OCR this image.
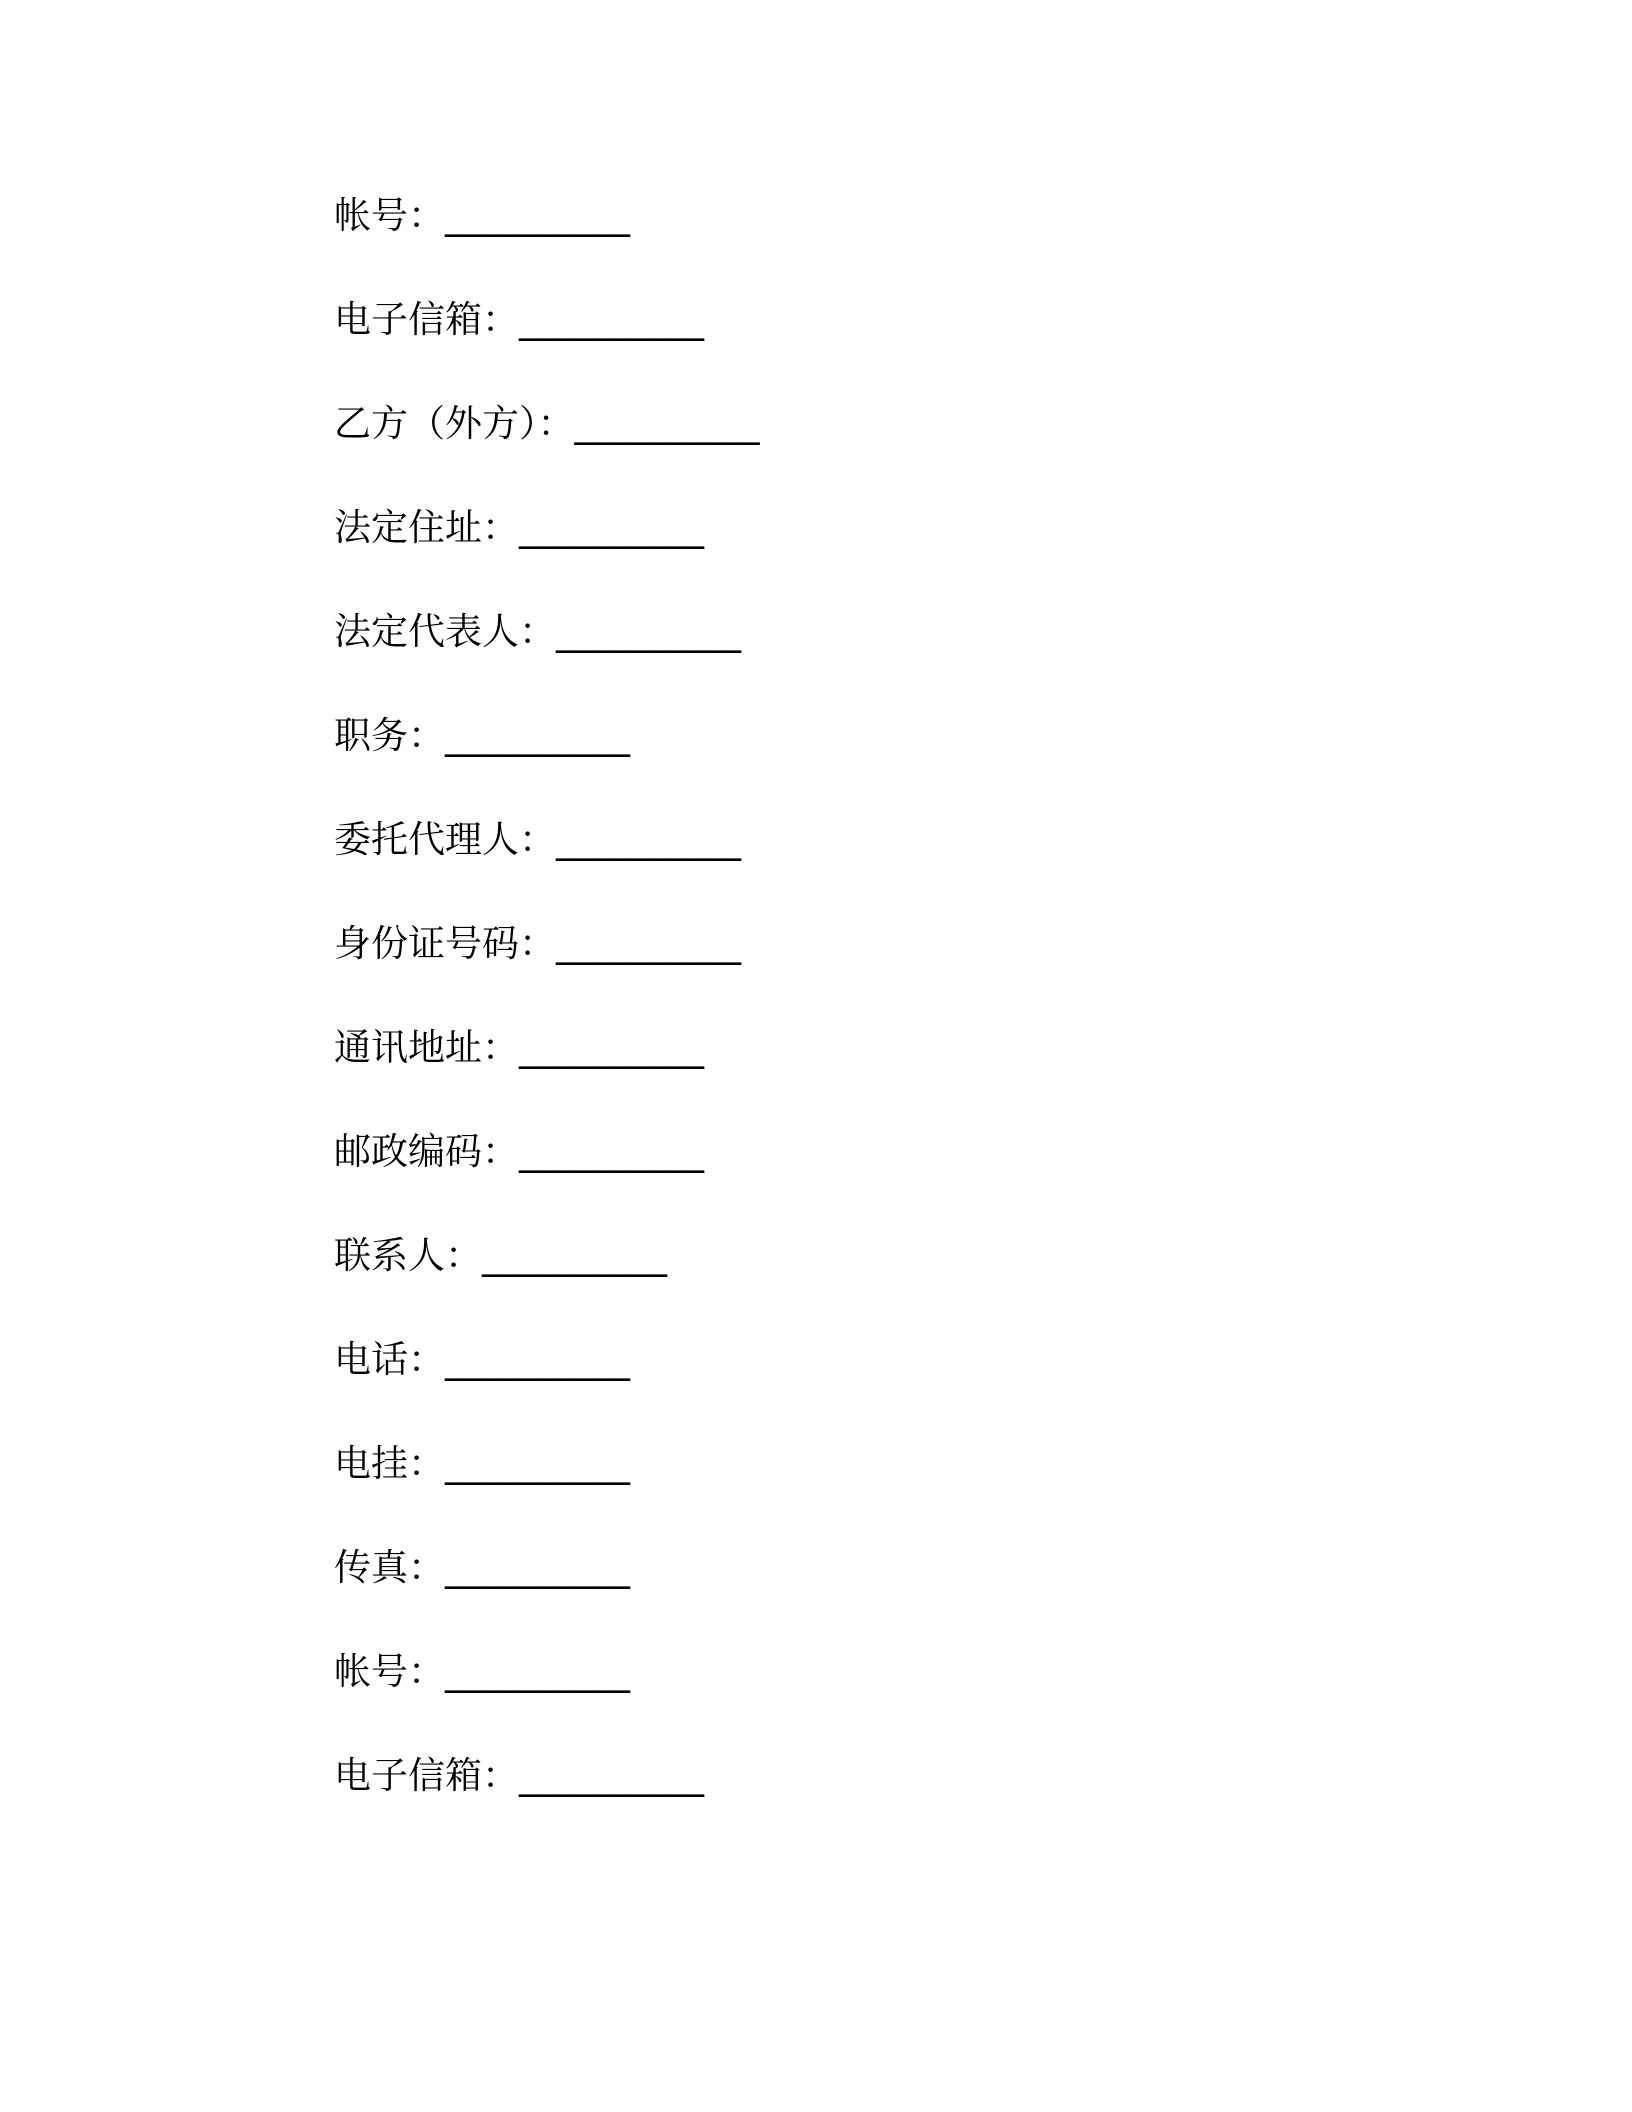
帐号：__________
电子信箱：__________
乙方（外方）：__________
法定住址：__________
法定代表人：__________
职务：__________
委托代理人：__________
身份证号码：__________
通讯地址：__________
邮政编码：__________
联系人：__________
电话：__________
电挂：__________
传真：__________
帐号：__________
电子信箱：__________
